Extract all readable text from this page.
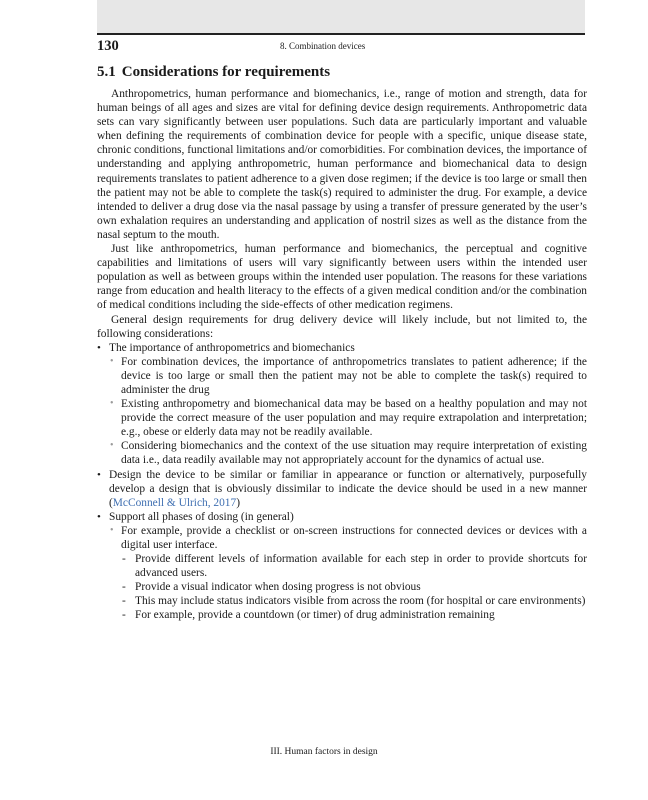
130	8. Combination devices
5.1 Considerations for requirements

Anthropometrics, human performance and biomechanics, i.e., range of motion and strength, data for human beings of all ages and sizes are vital for defining device design requirements. Anthropometric data sets can vary significantly between user populations. Such data are particularly important and valuable when defining the requirements of combination device for people with a specific, unique disease state, chronic conditions, functional limitations and/or comorbidities. For combination devices, the importance of understanding and applying anthropometric, human performance and biomechanical data to design requirements translates to patient adherence to a given dose regimen; if the device is too large or small then the patient may not be able to complete the task(s) required to administer the drug. For example, a device intended to deliver a drug dose via the nasal passage by using a transfer of pressure generated by the user’s own exhalation requires an understanding and application of nostril sizes as well as the distance from the nasal septum to the mouth.

Just like anthropometrics, human performance and biomechanics, the perceptual and cognitive capabilities and limitations of users will vary significantly between users within the intended user population as well as between groups within the intended user population. The reasons for these variations range from education and health literacy to the effects of a given medical condition and/or the combination of medical conditions including the side-effects of other medication regimens.

General design requirements for drug delivery device will likely include, but not limited to, the following considerations:

• The importance of anthropometrics and biomechanics
• For combination devices, the importance of anthropometrics translates to patient adherence; if the device is too large or small then the patient may not be able to complete the task(s) required to administer the drug
• Existing anthropometry and biomechanical data may be based on a healthy population and may not provide the correct measure of the user population and may require extrapolation and interpretation; e.g., obese or elderly data may not be readily available.
• Considering biomechanics and the context of the use situation may require interpretation of existing data i.e., data readily available may not appropriately account for the dynamics of actual use.
• Design the device to be similar or familiar in appearance or function or alternatively, purposefully develop a design that is obviously dissimilar to indicate the device should be used in a new manner (McConnell & Ulrich, 2017)
• Support all phases of dosing (in general)
• For example, provide a checklist or on-screen instructions for connected devices or devices with a digital user interface.
- Provide different levels of information available for each step in order to provide shortcuts for advanced users.
- Provide a visual indicator when dosing progress is not obvious
- This may include status indicators visible from across the room (for hospital or care environments)
- For example, provide a countdown (or timer) of drug administration remaining
III. Human factors in design
